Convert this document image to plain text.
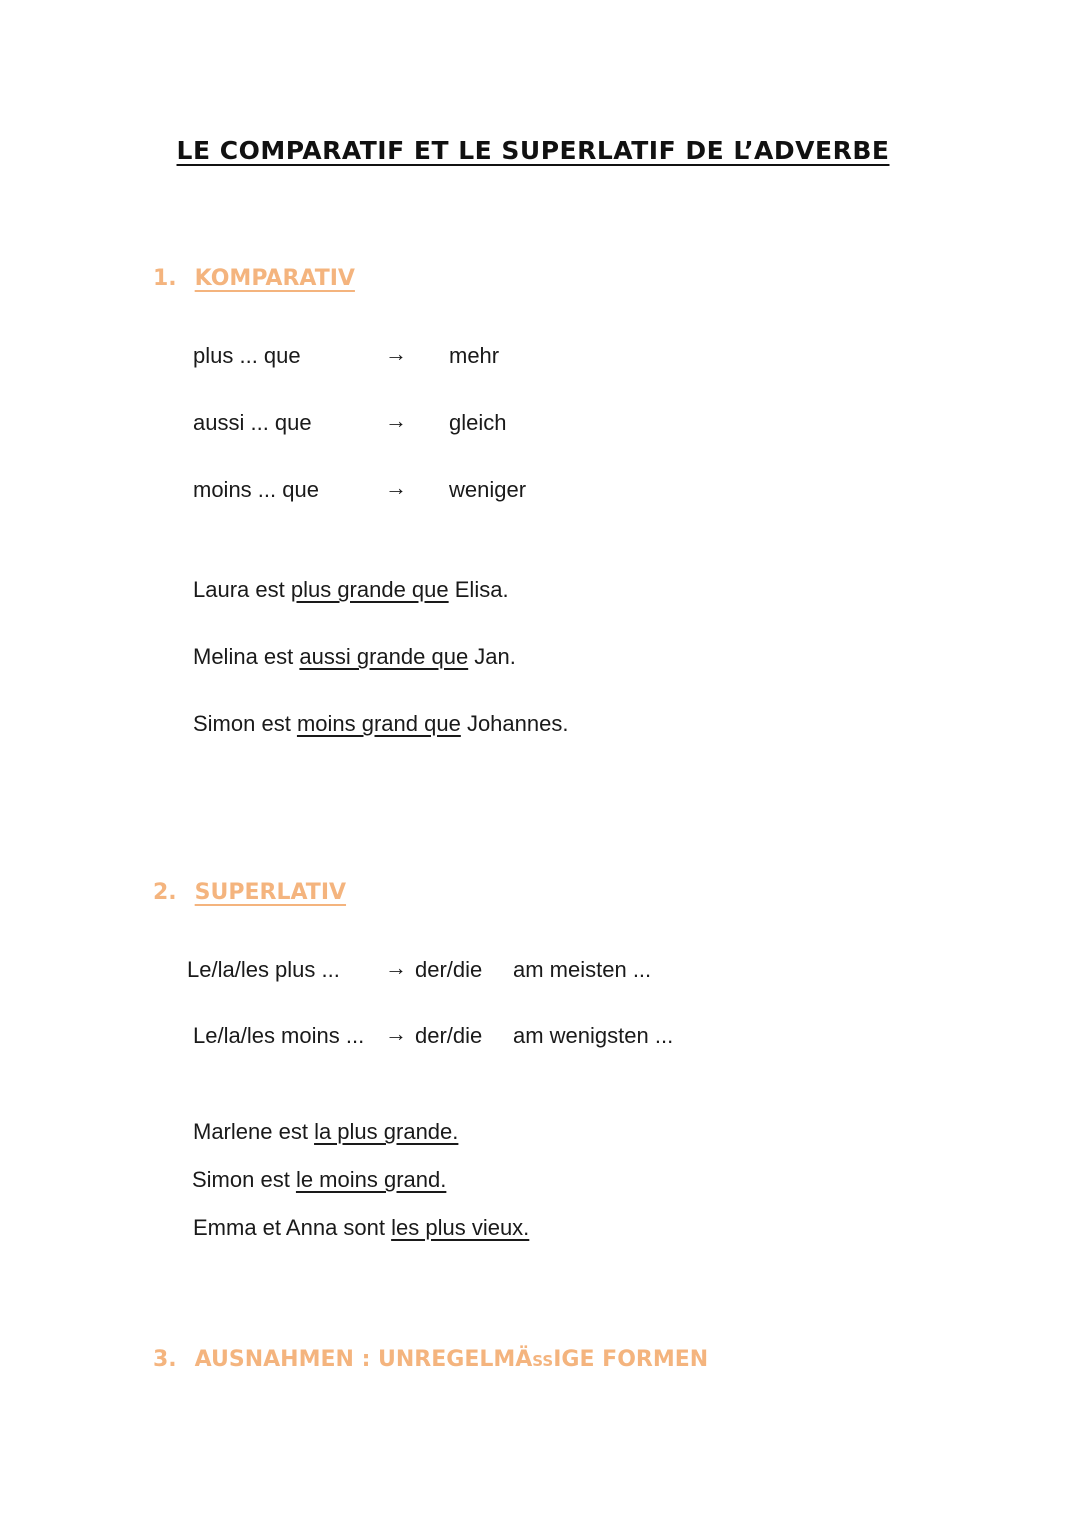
LE COMPARATIF ET LE SUPERLATIF DE L’ADVERBE
1. KOMPARATIV
plus ... que	→ mehr
aussi ... que	→ gleich
moins ... que	→ weniger
Laura est plus grande que Elisa.
Melina est aussi grande que Jan.
Simon est moins grand que Johannes.
2. SUPERLATIV
Le/la/les plus ... → der/die am meisten ...
Le/la/les moins ... → der/die am wenigsten ...
Marlene est la plus grande.
Simon est le moins grand.
Emma et Anna sont les plus vieux.
3. AUSNAHMEN : UNREGELMÄßIGE FORMEN
